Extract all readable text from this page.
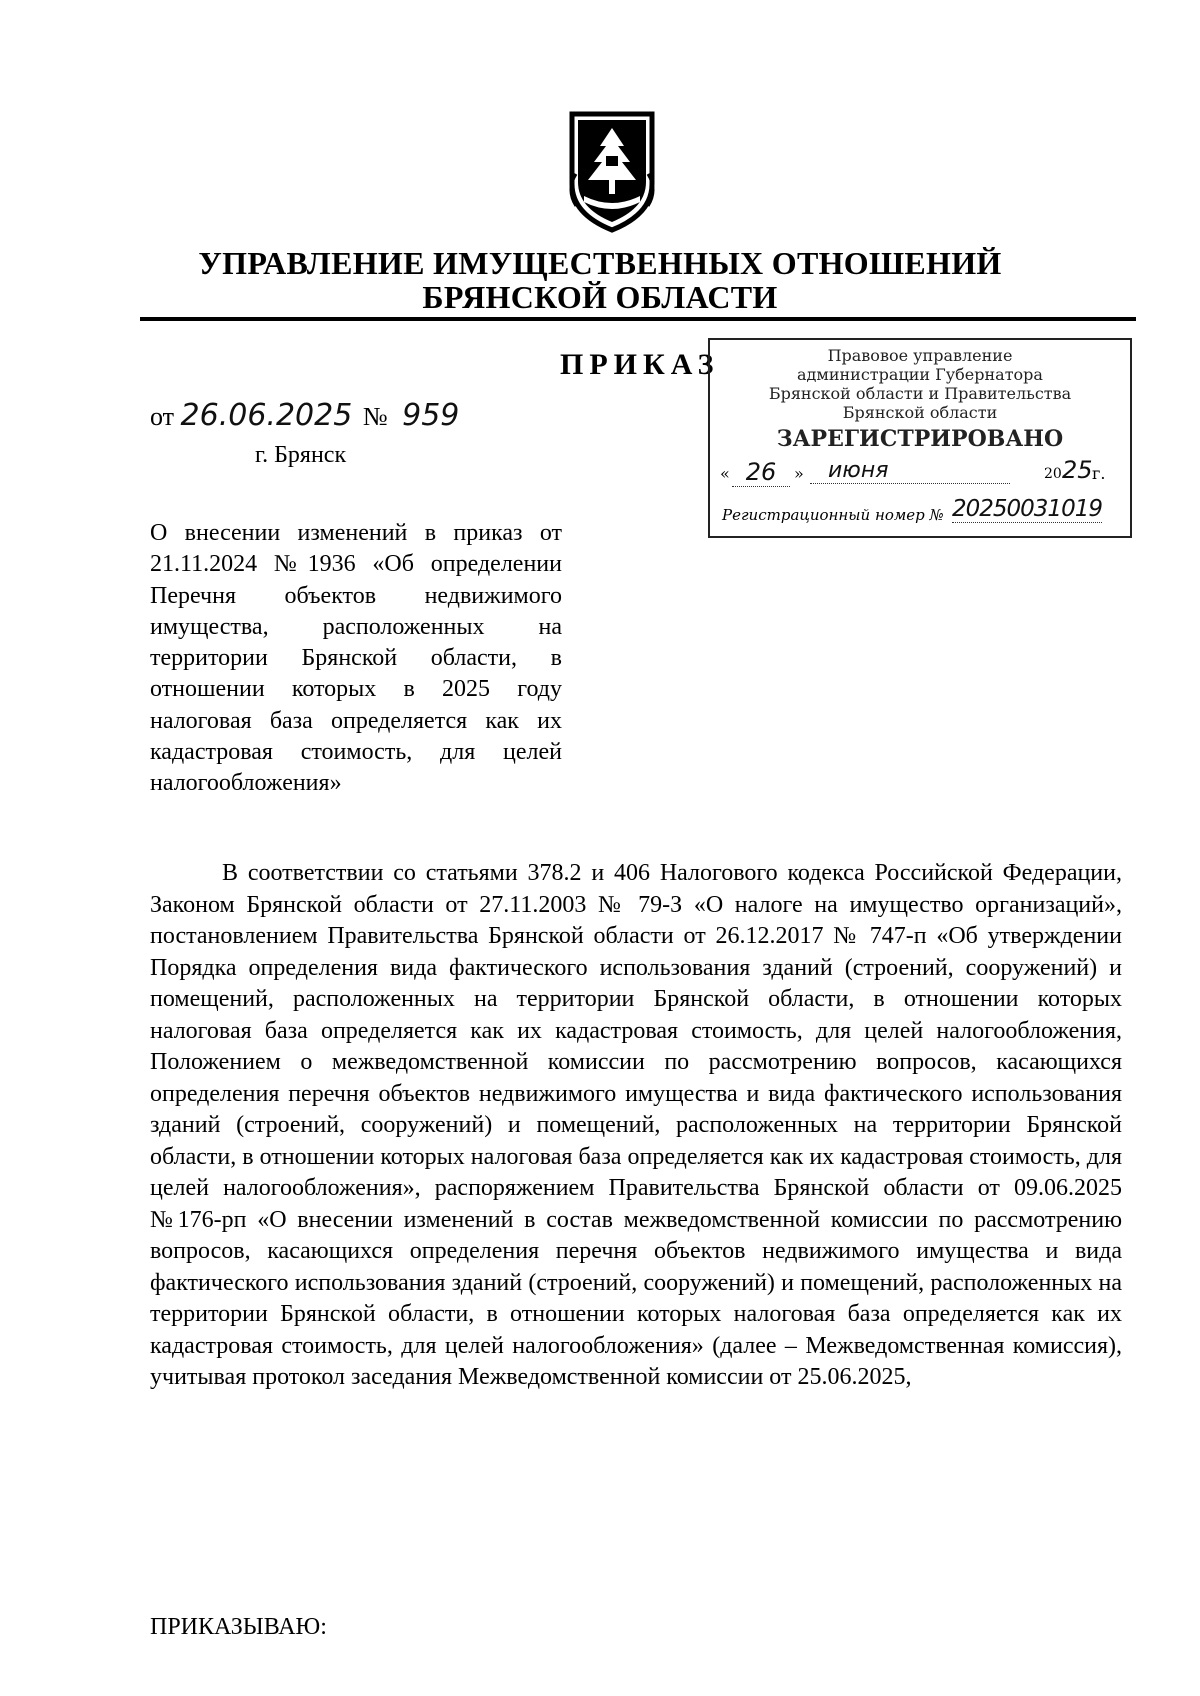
УПРАВЛЕНИЕ ИМУЩЕСТВЕННЫХ ОТНОШЕНИЙ
БРЯНСКОЙ ОБЛАСТИ
ПРИКАЗ	Правовое управление
администрации Губернатора
Брянской области и Правительства
Брянской области
ЗАРЕГИСТРИРОВАНО
« 26	»	июня	20 25 г.
Регистрационный номер № 20250031019
от 26.06.2025 № 959
г. Брянск
О внесении изменений в приказ от 21.11.2024 №1936 «Об определении Перечня объектов недвижимого имущества, расположенных на территории Брянской области, в отношении которых в 2025 году налоговая база определяется как их кадастровая стоимость, для целей налогообложения»
В соответствии со статьями 378.2 и 406 Налогового кодекса Российской Федерации, Законом Брянской области от 27.11.2003 № 79-З «О налоге на имущество организаций», постановлением Правительства Брянской области от 26.12.2017 № 747-п «Об утверждении Порядка определения вида фактического использования зданий (строений, сооружений) и помещений, расположенных на территории Брянской области, в отношении которых налоговая база определяется как их кадастровая стоимость, для целей налогообложения, Положением о межведомственной комиссии по рассмотрению вопросов, касающихся определения перечня объектов недвижимого имущества и вида фактического использования зданий (строений, сооружений) и помещений, расположенных на территории Брянской области, в отношении которых налоговая база определяется как их кадастровая стоимость, для целей налогообложения», распоряжением Правительства Брянской области от 09.06.2025 №176-рп «О внесении изменений в состав межведомственной комиссии по рассмотрению вопросов, касающихся определения перечня объектов недвижимого имущества и вида фактического использования зданий (строений, сооружений) и помещений, расположенных на территории Брянской области, в отношении которых налоговая база определяется как их кадастровая стоимость, для целей налогообложения» (далее – Межведомственная комиссия), учитывая протокол заседания Межведомственной комиссии от 25.06.2025,
ПРИКАЗЫВАЮ:
